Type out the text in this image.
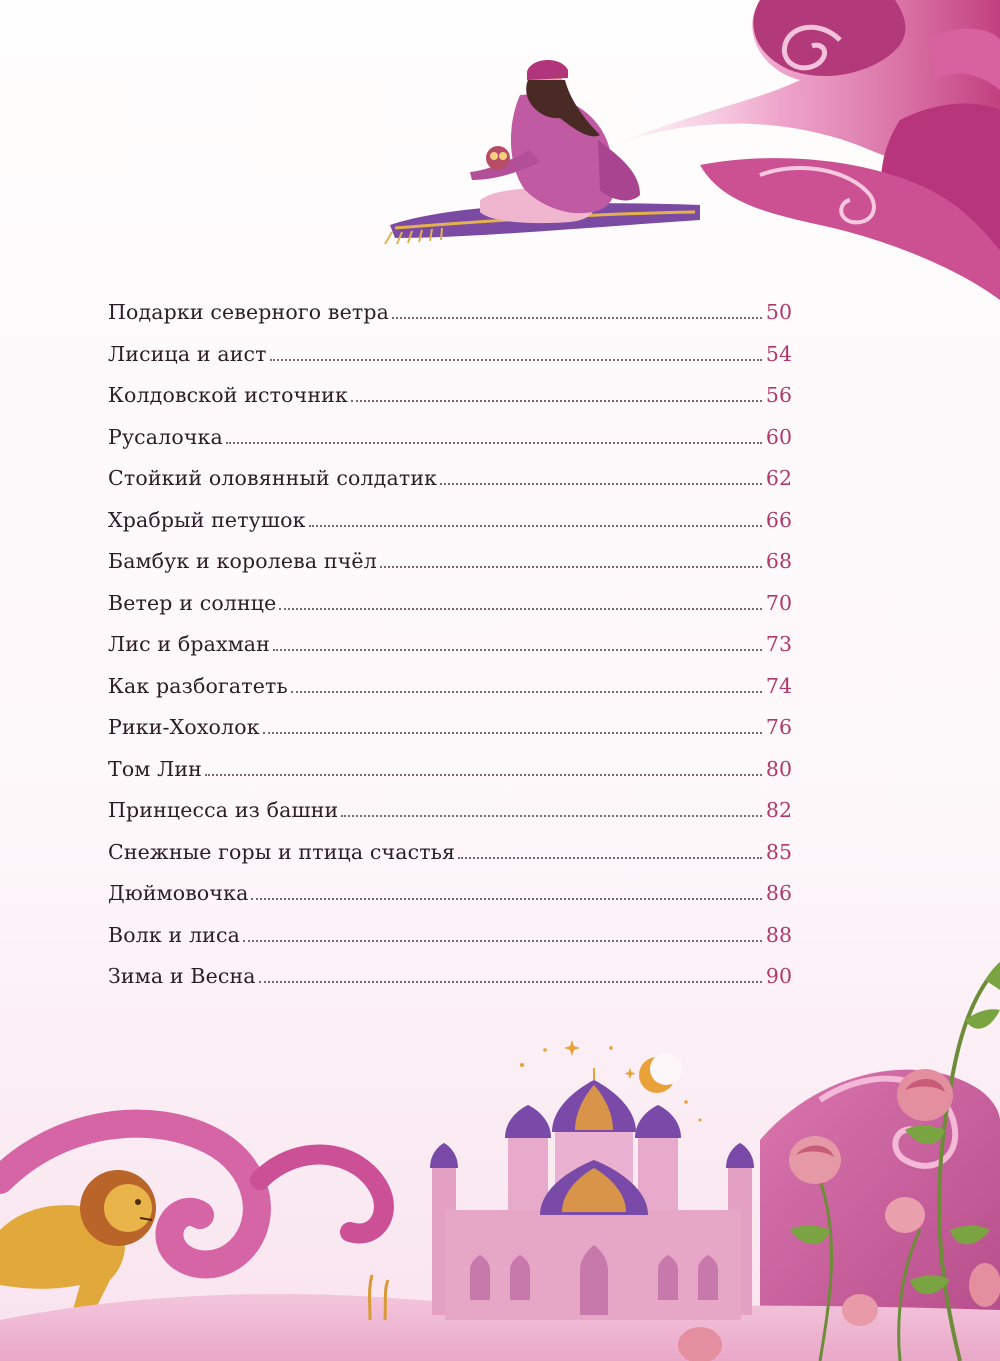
Подарки северного ветра	50
Лисица и аист	54
Колдовской источник	56
Русалочка	60
Стойкий оловянный солдатик	62
Храбрый петушок	66
Бамбук и королева пчёл	68
Ветер и солнце	70
Лис и брахман	73
Как разбогатеть	74
Рики-Хохолок	76
Том Лин	80
Принцесса из башни	82
Снежные горы и птица счастья	85
Дюймовочка	86
Волк и лиса	88
Зима и Весна	90
